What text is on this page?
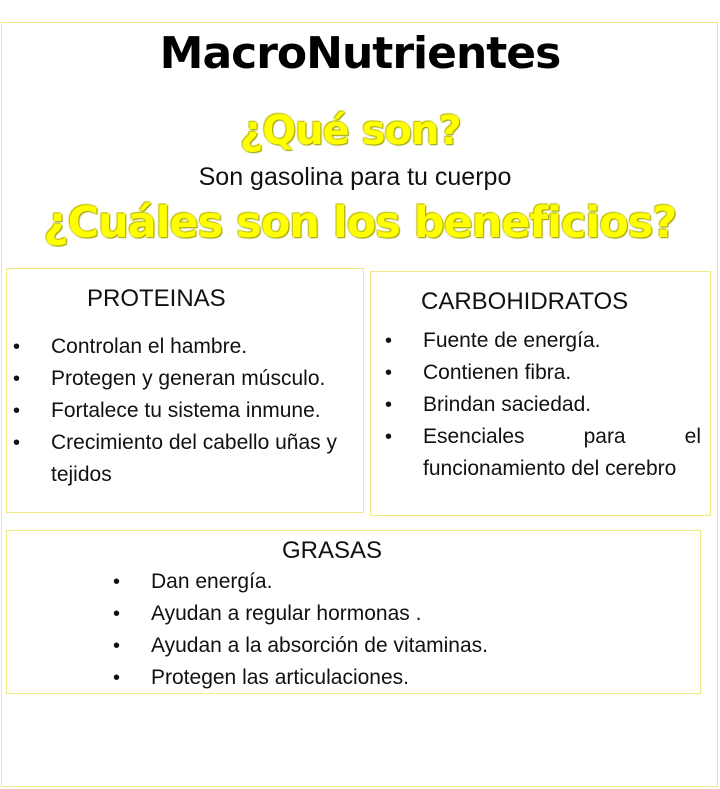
MacroNutrientes
¿Qué son?
Son gasolina para tu cuerpo
¿Cuáles son los beneficios?
PROTEINAS
• Controlan el hambre.
• Protegen y generan músculo.
• Fortalece tu sistema inmune.
• Crecimiento del cabello uñas y tejidos
CARBOHIDRATOS
• Fuente de energía.
• Contienen fibra.
• Brindan saciedad.
• Esenciales para el funcionamiento del cerebro
GRASAS
• Dan energía.
• Ayudan a regular hormonas .
• Ayudan a la absorción de vitaminas.
• Protegen las articulaciones.
